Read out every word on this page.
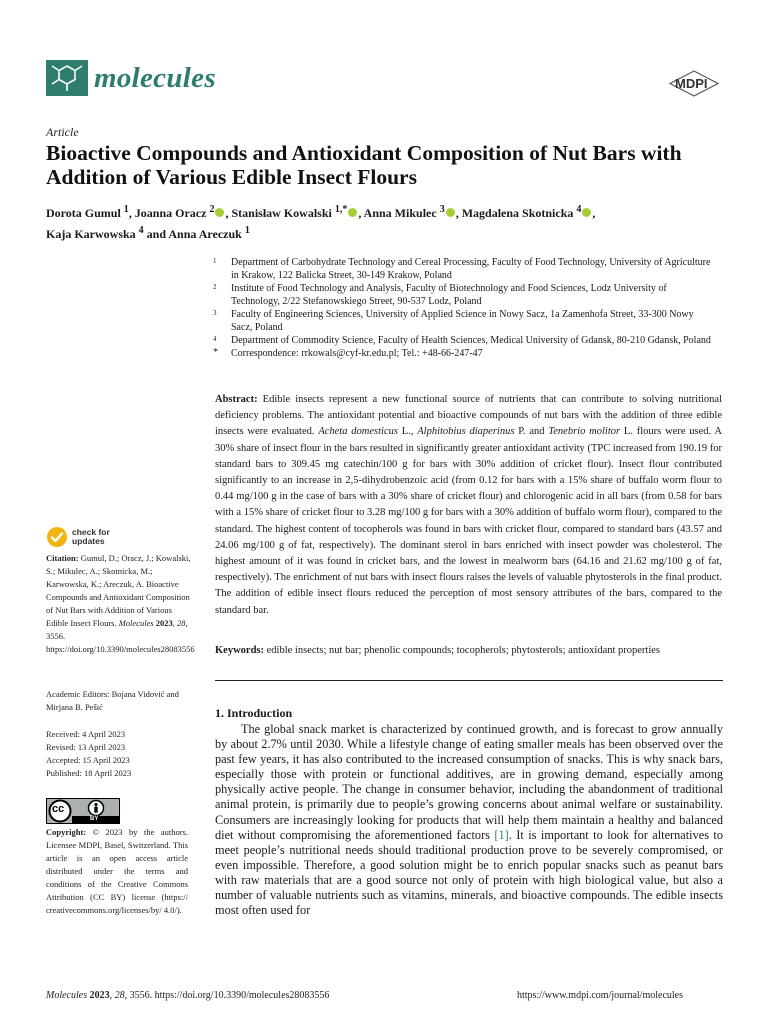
molecules	MDPI
Article
Bioactive Compounds and Antioxidant Composition of Nut Bars with Addition of Various Edible Insect Flours
Dorota Gumul $^1$, Joanna Oracz $^2$ , Stanisław Kowalski $^{1,*}$ , Anna Mikulec $^3$ , Magdalena Skotnicka $^4$ ,
Kaja Karwowska $^4$ and Anna Areczuk $^1$
1	Department of Carbohydrate Technology and Cereal Processing, Faculty of Food Technology, University of Agriculture in Krakow, 122 Balicka Street, 30-149 Krakow, Poland
2	Institute of Food Technology and Analysis, Faculty of Biotechnology and Food Sciences, Lodz University of Technology, 2/22 Stefanowskiego Street, 90-537 Lodz, Poland
3	Faculty of Engineering Sciences, University of Applied Science in Nowy Sacz, 1a Zamenhofa Street, 33-300 Nowy Sacz, Poland
4	Department of Commodity Science, Faculty of Health Sciences, Medical University of Gdansk, 80-210 Gdansk, Poland
*	Correspondence: rrkowals@cyf-kr.edu.pl; Tel.: +48-66-247-47
Abstract: Edible insects represent a new functional source of nutrients that can contribute to solving nutritional deficiency problems. The antioxidant potential and bioactive compounds of nut bars with the addition of three edible insects were evaluated. Acheta domesticus L., Alphitobius diaperinus P. and Tenebrio molitor L. flours were used. A 30% share of insect flour in the bars resulted in significantly greater antioxidant activity (TPC increased from 190.19 for standard bars to 309.45 mg catechin/100 g for bars with 30% addition of cricket flour). Insect flour contributed significantly to an increase in 2,5-dihydrobenzoic acid (from 0.12 for bars with a 15% share of buffalo worm flour to 0.44 mg/100 g in the case of bars with a 30% share of cricket flour) and chlorogenic acid in all bars (from 0.58 for bars with a 15% share of cricket flour to 3.28 mg/100 g for bars with a 30% addition of buffalo worm flour), compared to the standard. The highest content of tocopherols was found in bars with cricket flour, compared to standard bars (43.57 and 24.06 mg/100 g of fat, respectively). The dominant sterol in bars enriched with insect powder was cholesterol. The highest amount of it was found in cricket bars, and the lowest in mealworm bars (64.16 and 21.62 mg/100 g of fat, respectively). The enrichment of nut bars with insect flours raises the levels of valuable phytosterols in the final product. The addition of edible insect flours reduced the perception of most sensory attributes of the bars, compared to the standard bar.
Keywords: edible insects; nut bar; phenolic compounds; tocopherols; phytosterols; antioxidant properties
1. Introduction
The global snack market is characterized by continued growth, and is forecast to grow annually by about 2.7% until 2030. While a lifestyle change of eating smaller meals has been observed over the past few years, it has also contributed to the increased consumption of snacks. This is why snack bars, especially those with protein or functional additives, are in growing demand, especially among physically active people. The change in consumer behavior, including the abandonment of traditional animal protein, is primarily due to people’s growing concerns about animal welfare or sustainability. Consumers are increasingly looking for products that will help them maintain a healthy and balanced diet without compromising the aforementioned factors [1]. It is important to look for alternatives to meet people’s nutritional needs should traditional production prove to be severely compromised, or even impossible. Therefore, a good solution might be to enrich popular snacks such as peanut bars with raw materials that are a good source not only of protein with high biological value, but also a number of valuable nutrients such as vitamins, minerals, and bioactive compounds. The edible insects most often used for
check for
updates
Citation: Gumul, D.; Oracz, J.; Kowalski, S.; Mikulec, A.; Skotnicka, M.; Karwowska, K.; Areczuk, A. Bioactive Compounds and Antioxidant Composition of Nut Bars with Addition of Various Edible Insect Flours. Molecules 2023, 28, 3556. https://doi.org/10.3390/molecules28083556
Academic Editors: Bojana Vidović and Mirjana B. Pešić
Received: 4 April 2023
Revised: 13 April 2023
Accepted: 15 April 2023
Published: 18 April 2023
cc
BY
Copyright: © 2023 by the authors. Licensee MDPI, Basel, Switzerland. This article is an open access article distributed under the terms and conditions of the Creative Commons Attribution (CC BY) license (https:// creativecommons.org/licenses/by/ 4.0/).
Molecules 2023, 28, 3556. https://doi.org/10.3390/molecules28083556	https://www.mdpi.com/journal/molecules
